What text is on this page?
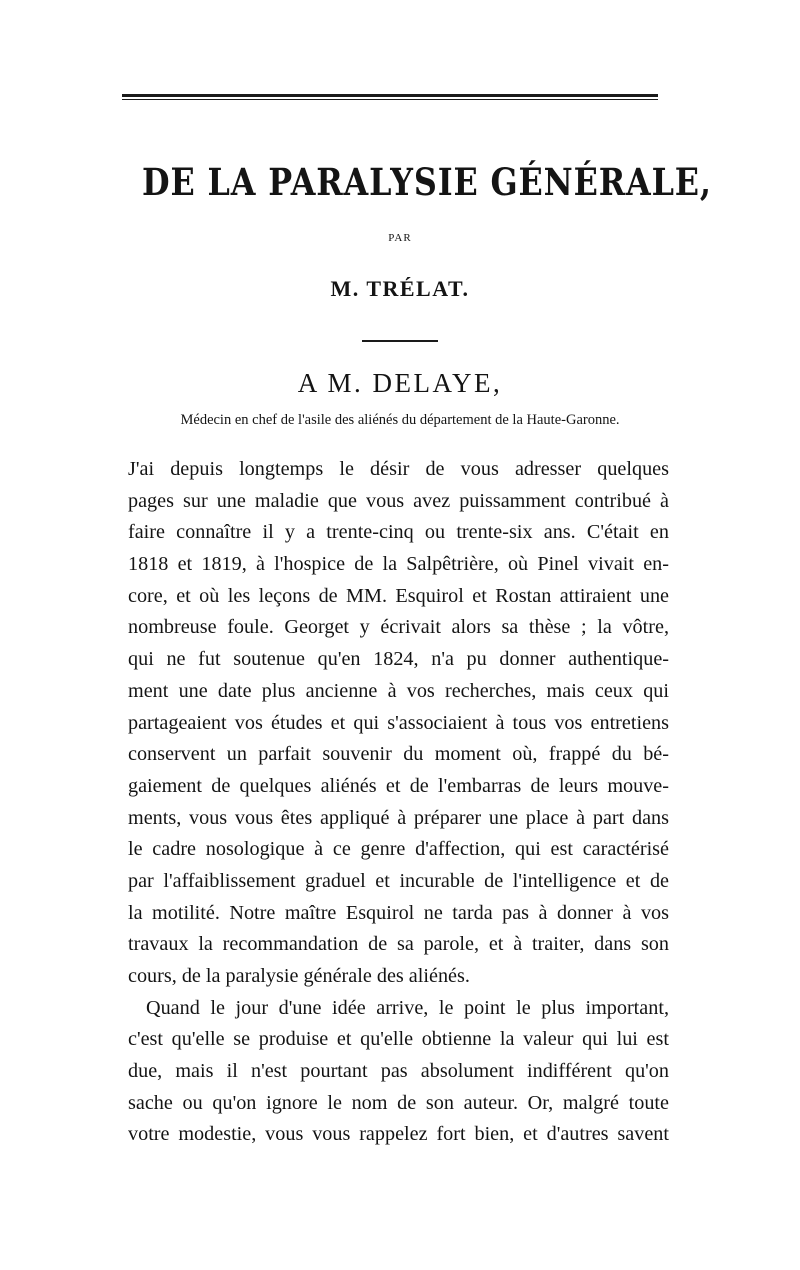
DE LA PARALYSIE GÉNÉRALE,
PAR
M. TRÉLAT.
A M. DELAYE,
Médecin en chef de l'asile des aliénés du département de la Haute-Garonne.
J'ai depuis longtemps le désir de vous adresser quelques
pages sur une maladie que vous avez puissamment contribué à
faire connaître il y a trente-cinq ou trente-six ans. C'était en
1818 et 1819, à l'hospice de la Salpêtrière, où Pinel vivait en-
core, et où les leçons de MM. Esquirol et Rostan attiraient une
nombreuse foule. Georget y écrivait alors sa thèse ; la vôtre,
qui ne fut soutenue qu'en 1824, n'a pu donner authentique-
ment une date plus ancienne à vos recherches, mais ceux qui
partageaient vos études et qui s'associaient à tous vos entretiens
conservent un parfait souvenir du moment où, frappé du bé-
gaiement de quelques aliénés et de l'embarras de leurs mouve-
ments, vous vous êtes appliqué à préparer une place à part dans
le cadre nosologique à ce genre d'affection, qui est caractérisé
par l'affaiblissement graduel et incurable de l'intelligence et de
la motilité. Notre maître Esquirol ne tarda pas à donner à vos
travaux la recommandation de sa parole, et à traiter, dans son
cours, de la paralysie générale des aliénés.
Quand le jour d'une idée arrive, le point le plus important,
c'est qu'elle se produise et qu'elle obtienne la valeur qui lui est
due, mais il n'est pourtant pas absolument indifférent qu'on
sache ou qu'on ignore le nom de son auteur. Or, malgré toute
votre modestie, vous vous rappelez fort bien, et d'autres savent
